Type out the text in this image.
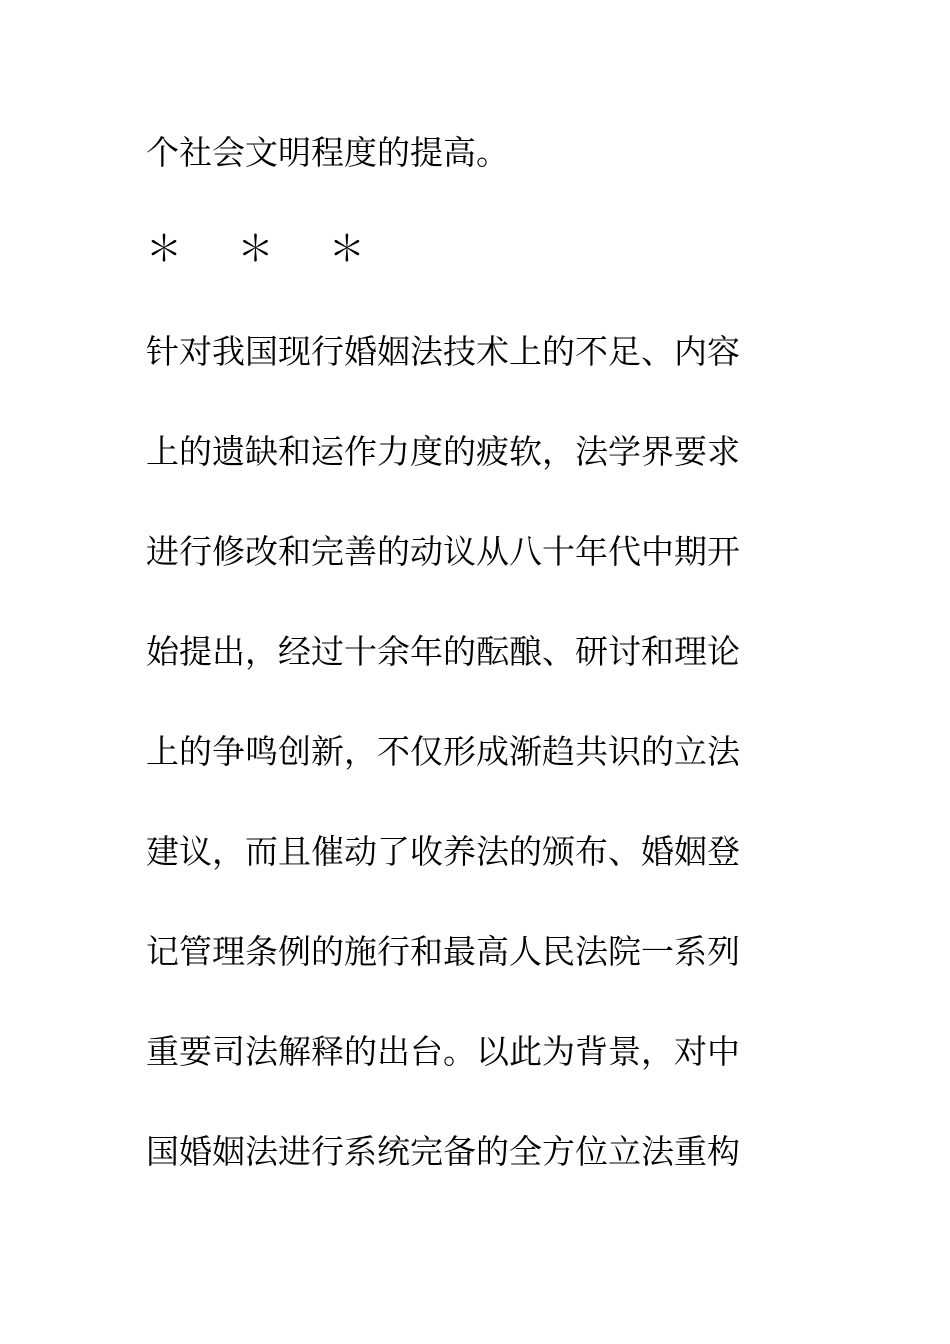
个社会文明程度的提高。
＊ ＊ ＊
针对我国现行婚姻法技术上的不足、内容
上的遗缺和运作力度的疲软，法学界要求
进行修改和完善的动议从八十年代中期开
始提出，经过十余年的酝酿、研讨和理论
上的争鸣创新，不仅形成渐趋共识的立法
建议，而且催动了收养法的颁布、婚姻登
记管理条例的施行和最高人民法院一系列
重要司法解释的出台。以此为背景，对中
国婚姻法进行系统完备的全方位立法重构
